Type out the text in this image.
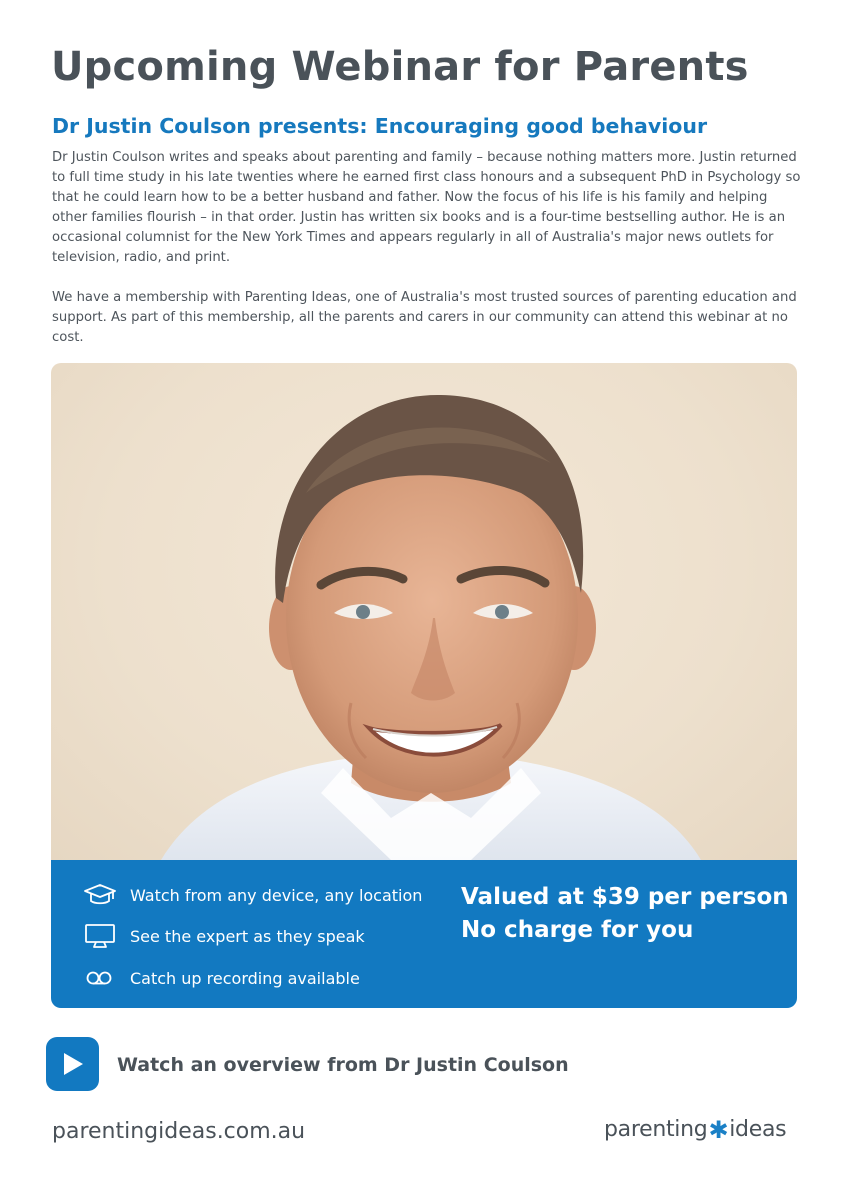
Upcoming Webinar for Parents
Dr Justin Coulson presents: Encouraging good behaviour

Dr Justin Coulson writes and speaks about parenting and family – because nothing matters more. Justin returned to full time study in his late twenties where he earned first class honours and a subsequent PhD in Psychology so that he could learn how to be a better husband and father. Now the focus of his life is his family and helping other families flourish – in that order. Justin has written six books and is a four-time bestselling author. He is an occasional columnist for the New York Times and appears regularly in all of Australia's major news outlets for television, radio, and print.

We have a membership with Parenting Ideas, one of Australia's most trusted sources of parenting education and support. As part of this membership, all the parents and carers in our community can attend this webinar at no cost.

Watch from any device, any location
See the expert as they speak
Catch up recording available

Valued at $39 per person

No charge for you

Watch an overview from Dr Justin Coulson

parentingideas.com.au	parenting ✱ ideas
